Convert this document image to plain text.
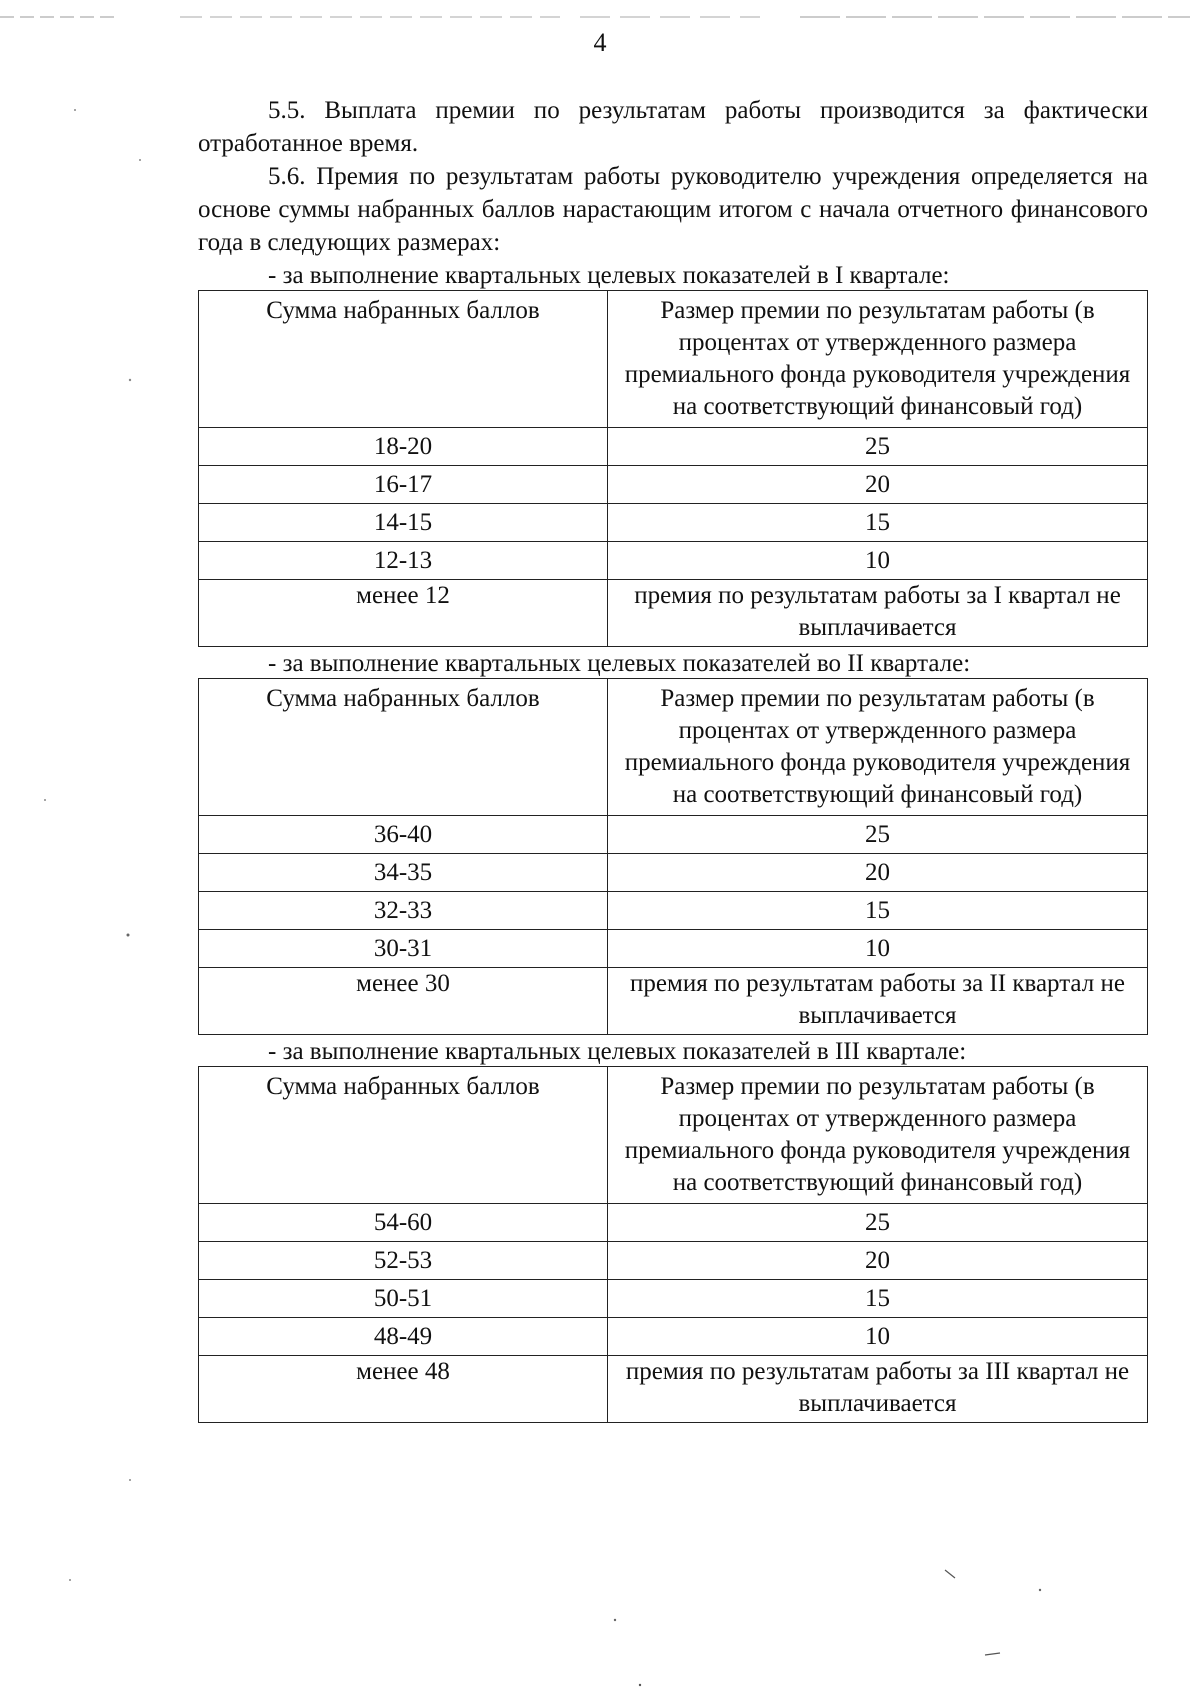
4

5.5. Выплата премии по результатам работы производится за фактически отработанное время.

5.6. Премия по результатам работы руководителю учреждения определяется на основе суммы набранных баллов нарастающим итогом с начала отчетного финансового года в следующих размерах:

- за выполнение квартальных целевых показателей в I квартале:

Сумма набранных баллов	Размер премии по результатам работы (в процентах от утвержденного размера премиального фонда руководителя учреждения на соответствующий финансовый год)
18-20	25
16-17	20
14-15	15
12-13	10
менее 12	премия по результатам работы за I квартал не выплачивается

- за выполнение квартальных целевых показателей во II квартале:

Сумма набранных баллов	Размер премии по результатам работы (в процентах от утвержденного размера премиального фонда руководителя учреждения на соответствующий финансовый год)
36-40	25
34-35	20
32-33	15
30-31	10
менее 30	премия по результатам работы за II квартал не выплачивается

- за выполнение квартальных целевых показателей в III квартале:

Сумма набранных баллов	Размер премии по результатам работы (в процентах от утвержденного размера премиального фонда руководителя учреждения на соответствующий финансовый год)
54-60	25
52-53	20
50-51	15
48-49	10
менее 48	премия по результатам работы за III квартал не выплачивается
